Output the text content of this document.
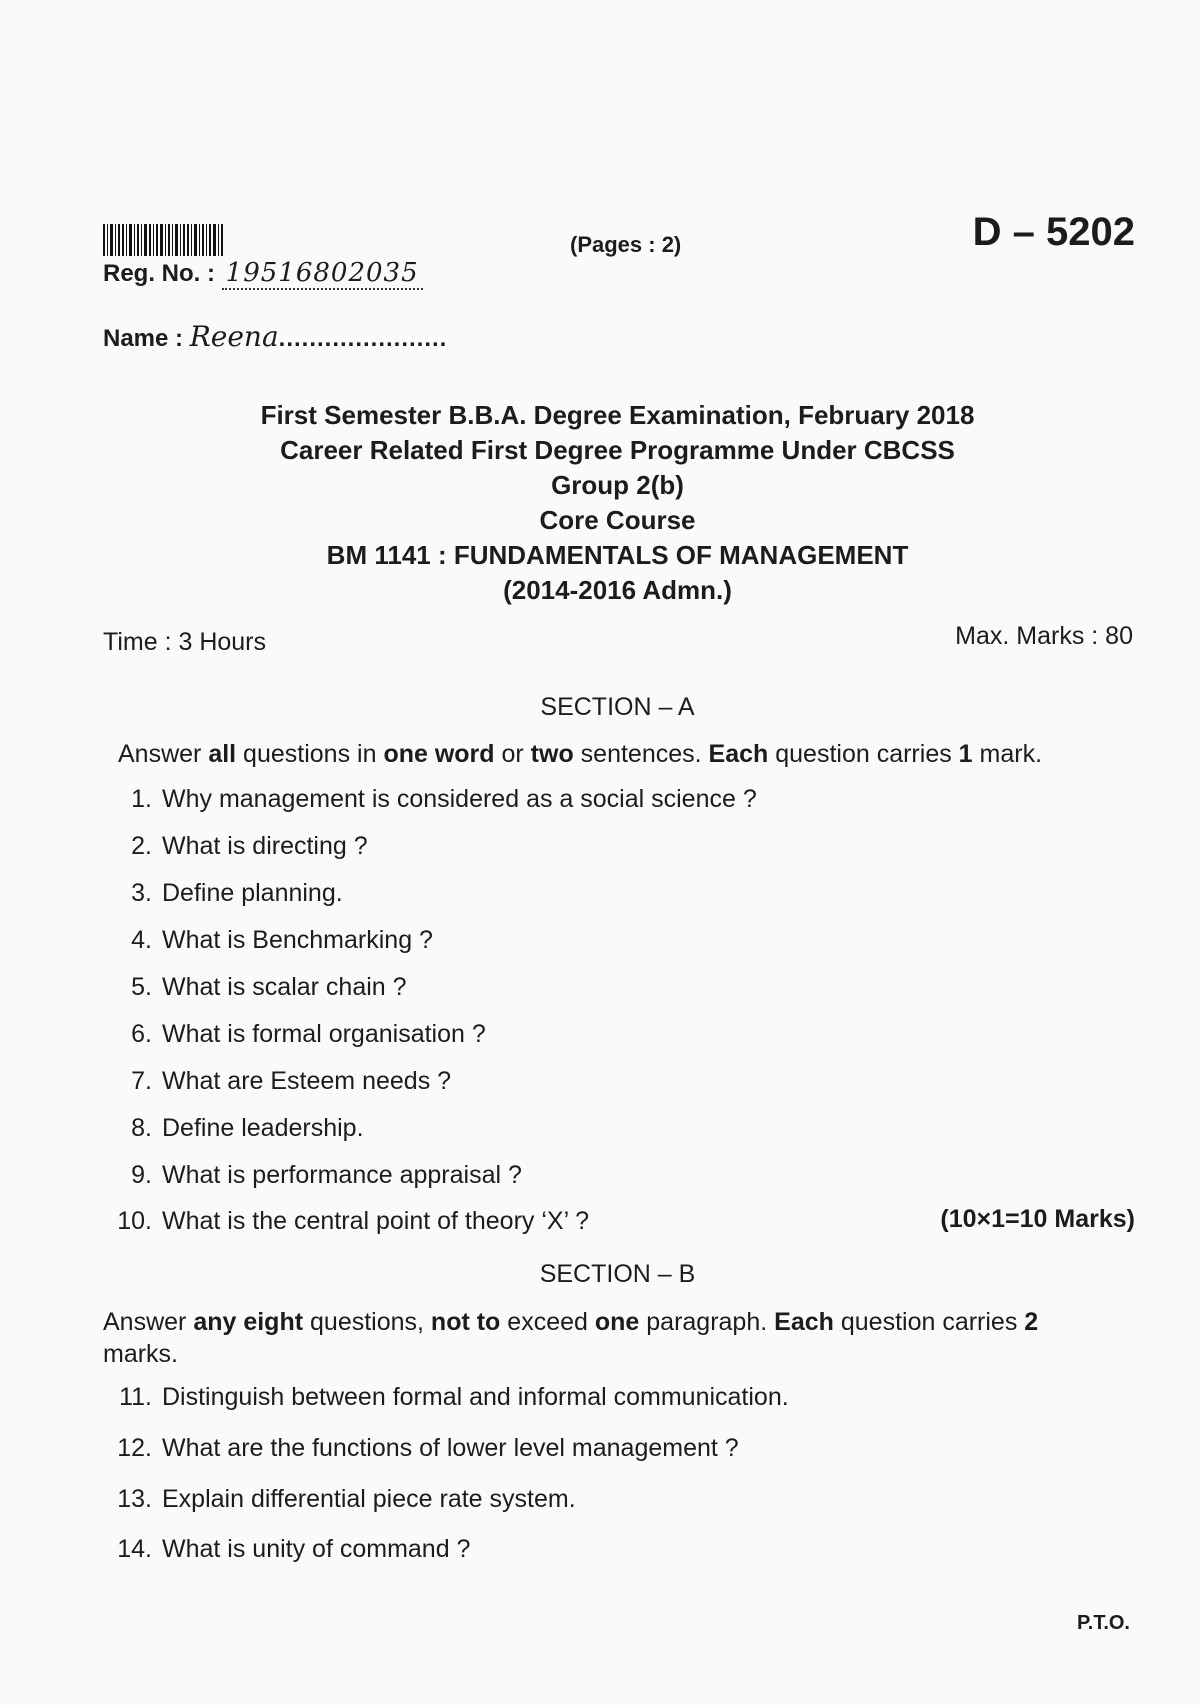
Reg. No. : 19516802035
Name : Reena......................
(Pages : 2)	D – 5202
First Semester B.B.A. Degree Examination, February 2018
Career Related First Degree Programme Under CBCSS
Group 2(b)
Core Course
BM 1141 : FUNDAMENTALS OF MANAGEMENT
(2014-2016 Admn.)
Time : 3 Hours	Max. Marks : 80
SECTION – A
Answer all questions in one word or two sentences. Each question carries 1 mark.
1. Why management is considered as a social science ?
2. What is directing ?
3. Define planning.
4. What is Benchmarking ?
5. What is scalar chain ?
6. What is formal organisation ?
7. What are Esteem needs ?
8. Define leadership.
9. What is performance appraisal ?
10. What is the central point of theory ‘X’ ?	(10×1=10 Marks)
SECTION – B
Answer any eight questions, not to exceed one paragraph. Each question carries 2 marks.
11. Distinguish between formal and informal communication.
12. What are the functions of lower level management ?
13. Explain differential piece rate system.
14. What is unity of command ?
P.T.O.
